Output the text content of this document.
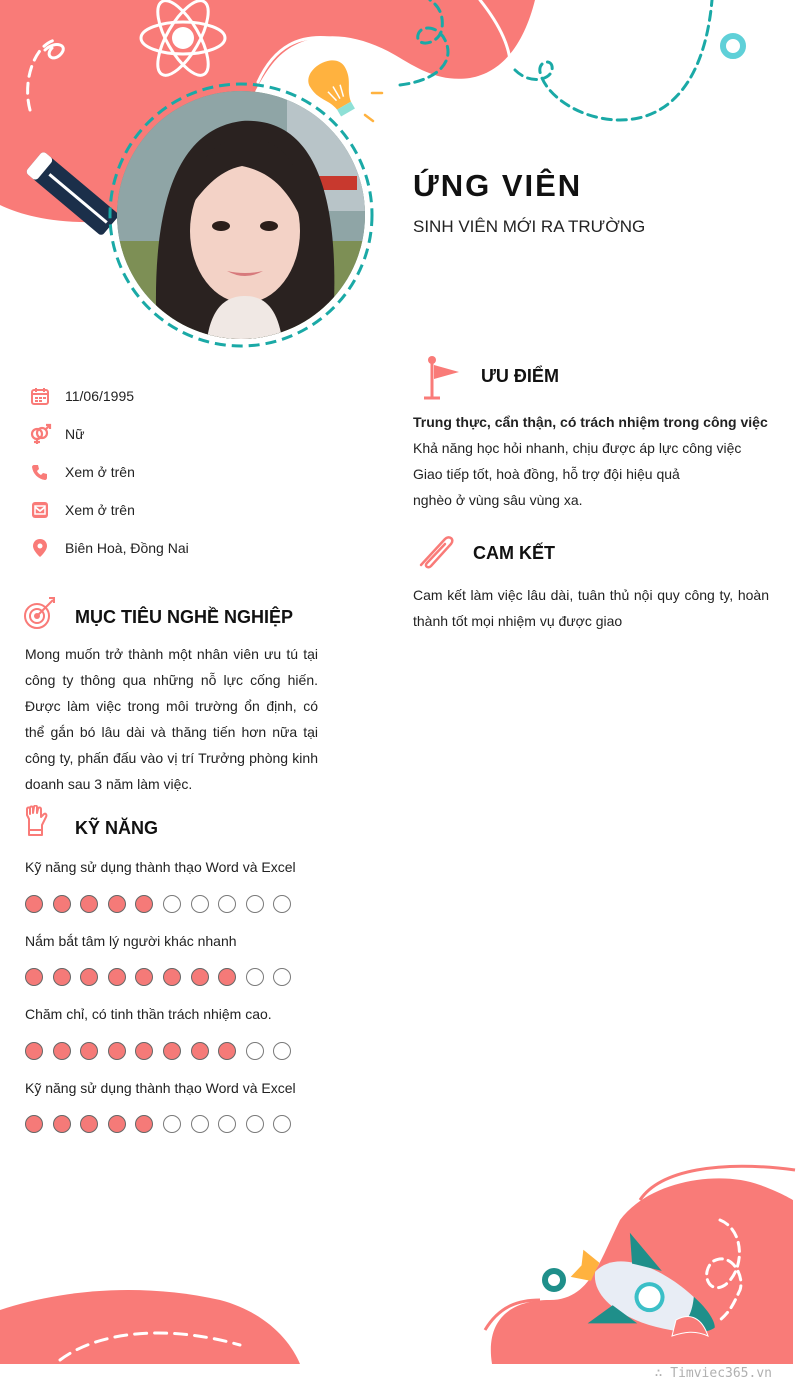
ỨNG VIÊN
SINH VIÊN MỚI RA TRƯỜNG
11/06/1995
Nữ
Xem ở trên
Xem ở trên
Biên Hoà, Đồng Nai
MỤC TIÊU NGHỀ NGHIỆP
Mong muốn trở thành một nhân viên ưu tú tại công ty thông qua những nỗ lực cống hiến. Được làm việc trong môi trường ổn định, có thể gắn bó lâu dài và thăng tiến hơn nữa tại công ty, phấn đấu vào vị trí Trưởng phòng kinh doanh sau 3 năm làm việc.
KỸ NĂNG
Kỹ năng sử dụng thành thạo Word và Excel
Nắm bắt tâm lý người khác nhanh
Chăm chỉ, có tinh thần trách nhiệm cao.
Kỹ năng sử dụng thành thạo Word và Excel
ƯU ĐIỂM
Trung thực, cẩn thận, có trách nhiệm trong công việc
Khả năng học hỏi nhanh, chịu được áp lực công việc
Giao tiếp tốt, hoà đồng, hỗ trợ đội hiệu quả
nghèo ở vùng sâu vùng xa.
CAM KẾT
Cam kết làm việc lâu dài, tuân thủ nội quy công ty, hoàn thành tốt mọi nhiệm vụ được giao
∴ Timviec365.vn
